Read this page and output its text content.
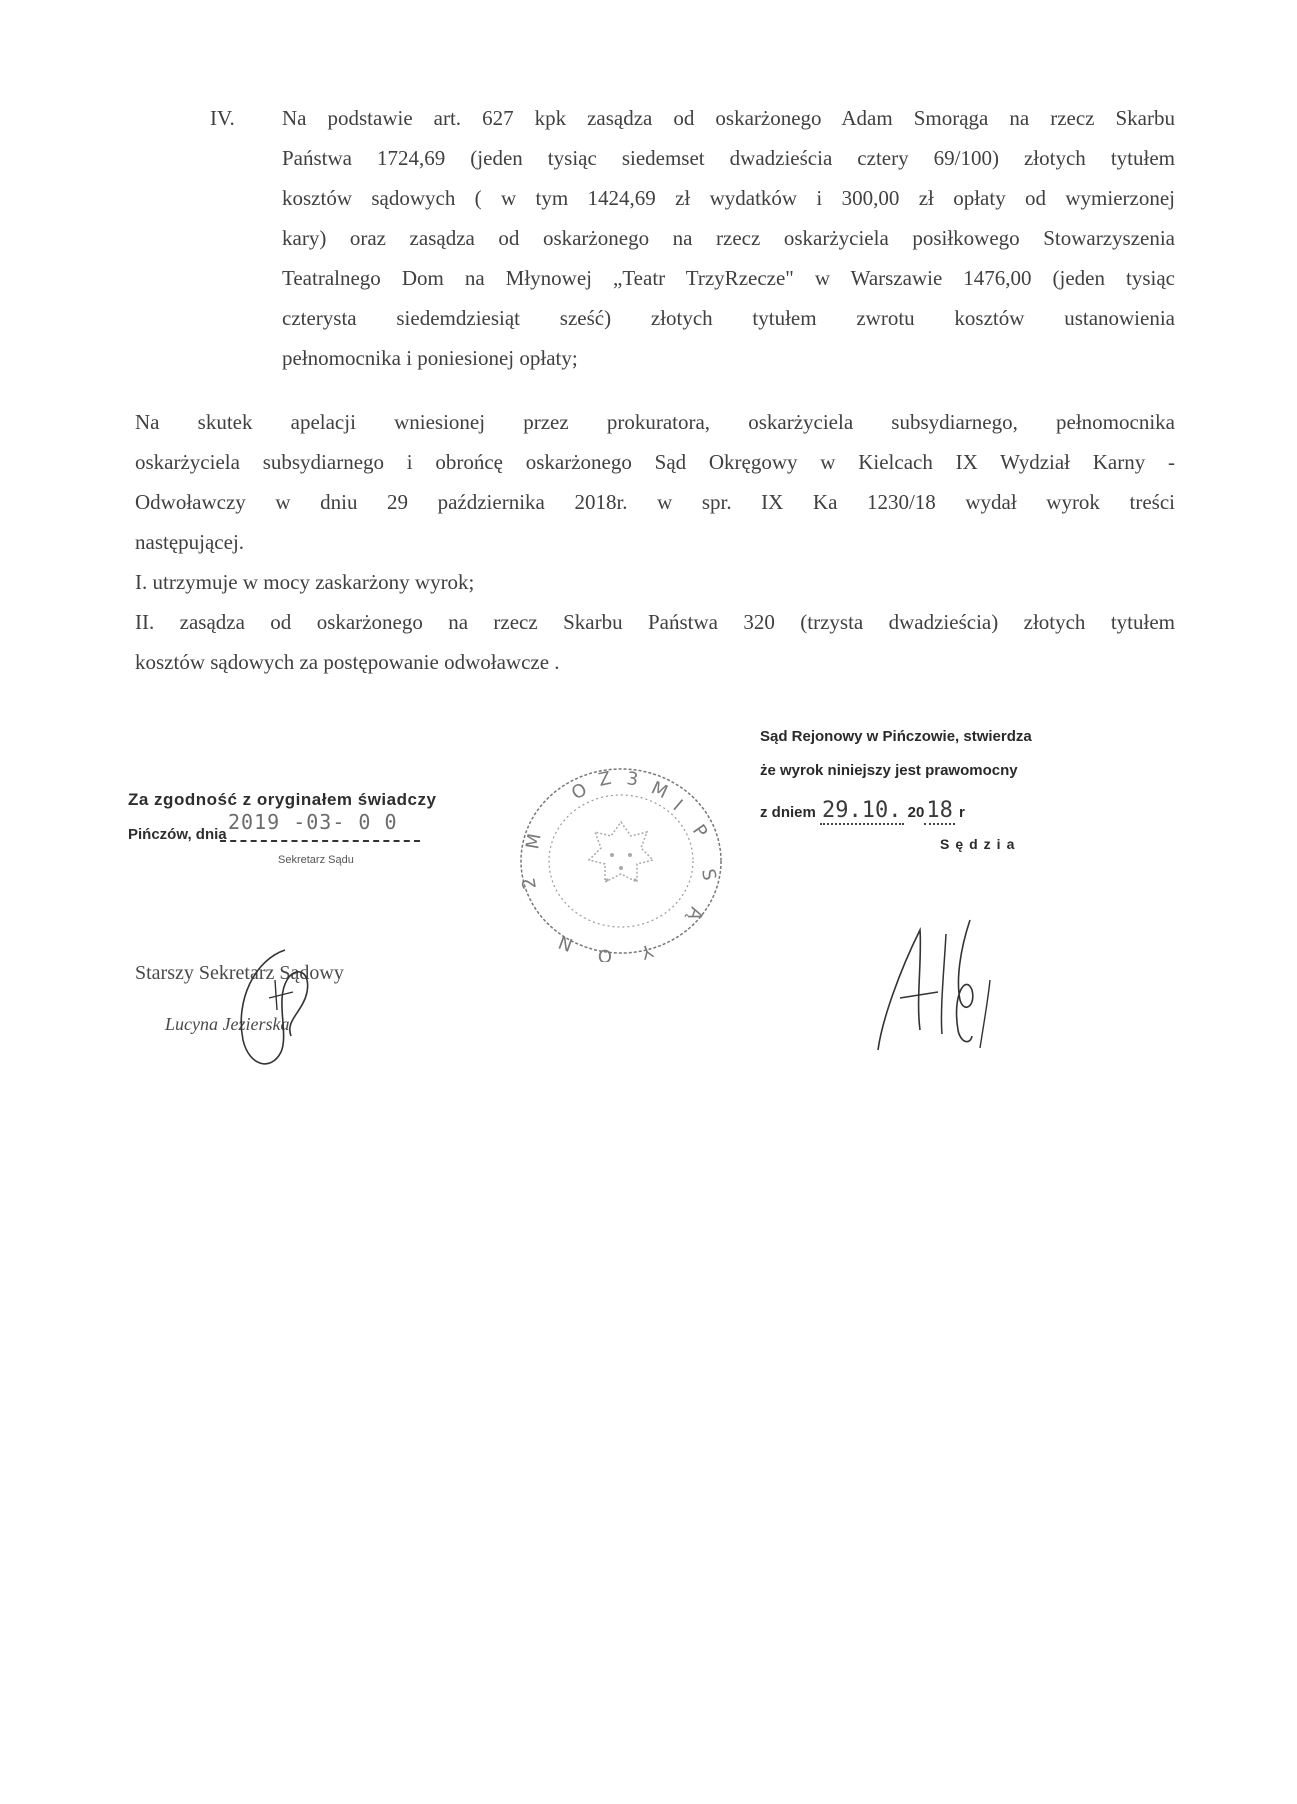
IV.	Na podstawie art. 627 kpk zasądza od oskarżonego Adam Smorąga na rzecz Skarbu
Państwa 1724,69 (jeden tysiąc siedemset dwadzieścia cztery 69/100) złotych tytułem
kosztów sądowych ( w tym 1424,69 zł wydatków i 300,00 zł opłaty od wymierzonej
kary) oraz zasądza od oskarżonego na rzecz oskarżyciela posiłkowego Stowarzyszenia
Teatralnego Dom na Młynowej „Teatr TrzyRzecze" w Warszawie 1476,00 (jeden tysiąc
czterysta siedemdziesiąt sześć) złotych tytułem zwrotu kosztów ustanowienia
pełnomocnika i poniesionej opłaty;
Na skutek apelacji wniesionej przez prokuratora, oskarżyciela subsydiarnego, pełnomocnika
oskarżyciela subsydiarnego i obrońcę oskarżonego Sąd Okręgowy w Kielcach IX Wydział Karny -
Odwoławczy w dniu 29 października 2018r. w spr. IX Ka 1230/18 wydał wyrok treści
następującej.
I. utrzymuje w mocy zaskarżony wyrok;
II. zasądza od oskarżonego na rzecz Skarbu Państwa 320 (trzysta dwadzieścia) złotych tytułem
kosztów sądowych za postępowanie odwoławcze .
Za zgodność z oryginałem świadczy
Pińczów, dnia
2019 -03- 0 0
Sekretarz Sądu
O Z 3 M
I
P
S
Ą
N
O Y
M
2
Sąd Rejonowy w Pińczowie, stwierdza
że wyrok niniejszy jest prawomocny
z dniem 29.10. 2018 r
Sędzia
Starszy Sekretarz Sądowy
Lucyna Jezierska
